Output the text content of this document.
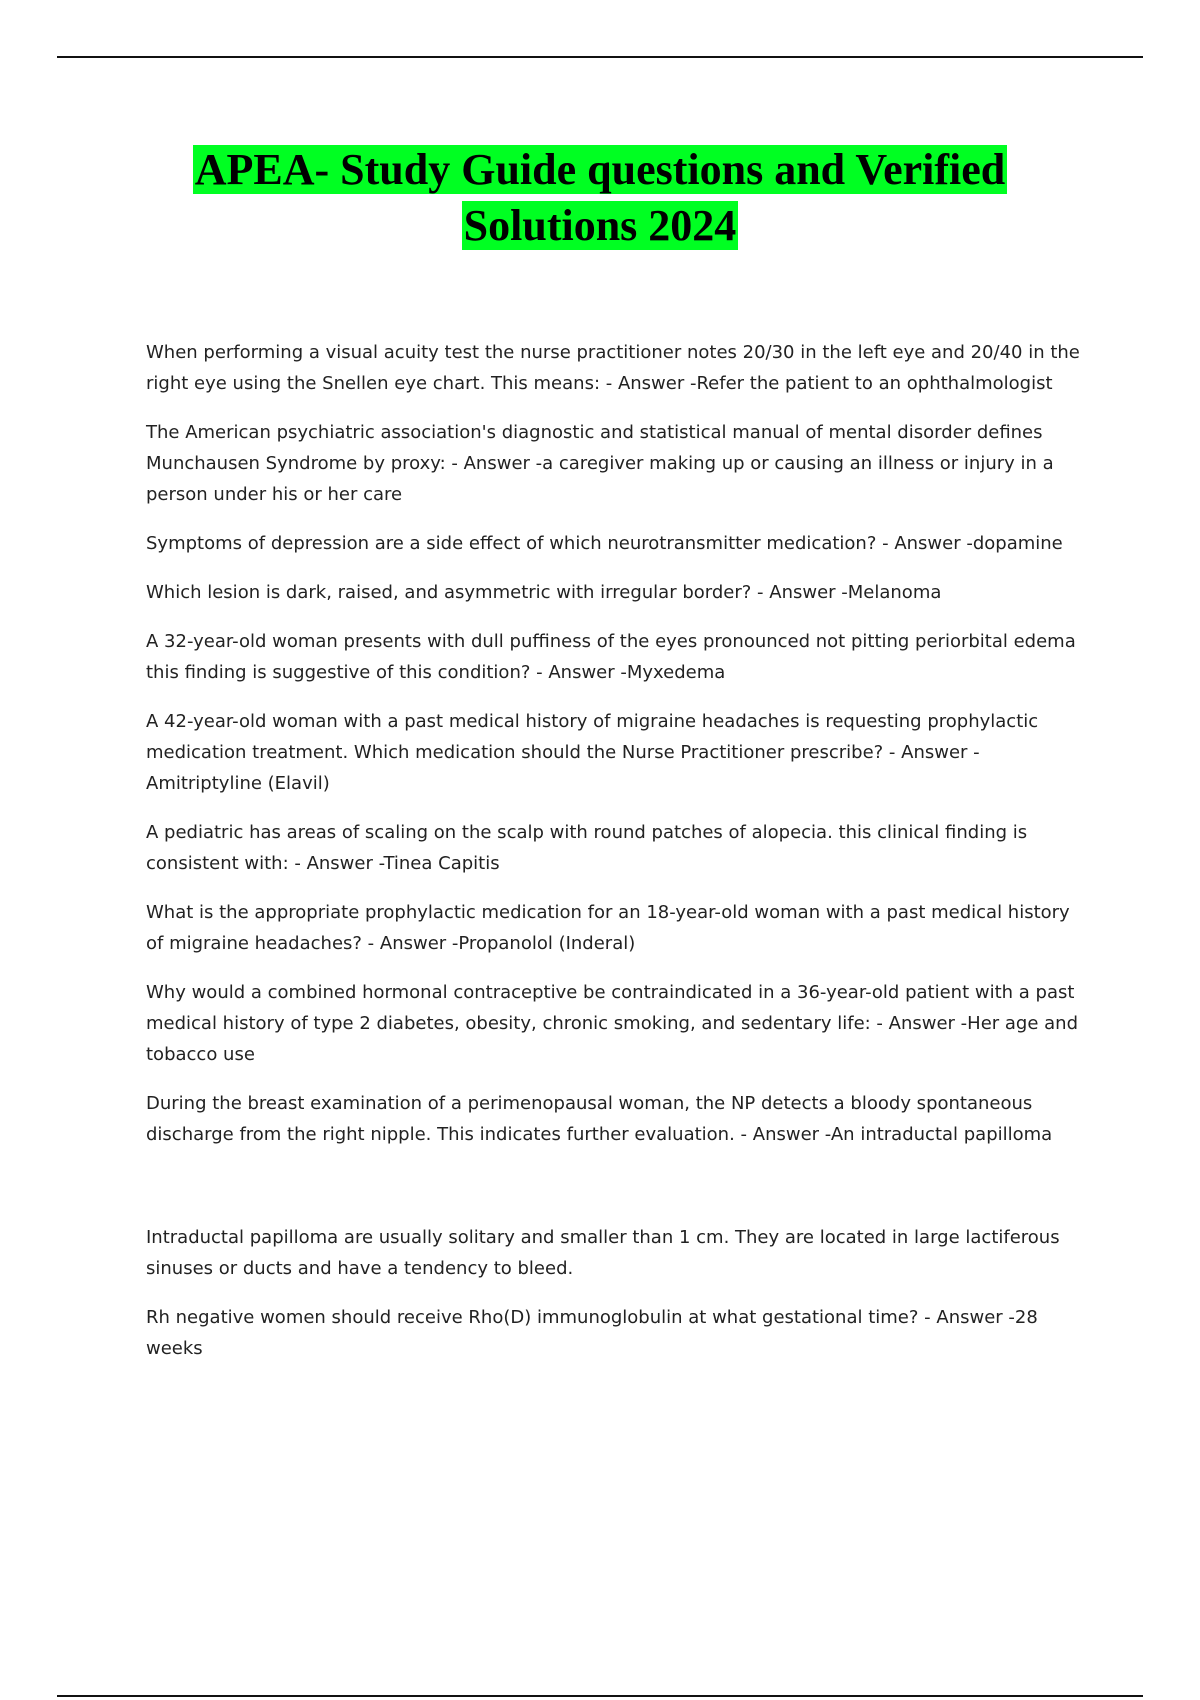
APEA- Study Guide questions and Verified
Solutions 2024

When performing a visual acuity test the nurse practitioner notes 20/30 in the left eye and 20/40 in the right eye using the Snellen eye chart. This means: - Answer -Refer the patient to an ophthalmologist

The American psychiatric association's diagnostic and statistical manual of mental disorder defines Munchausen Syndrome by proxy: - Answer -a caregiver making up or causing an illness or injury in a person under his or her care

Symptoms of depression are a side effect of which neurotransmitter medication? - Answer -dopamine

Which lesion is dark, raised, and asymmetric with irregular border? - Answer -Melanoma

A 32-year-old woman presents with dull puffiness of the eyes pronounced not pitting periorbital edema this finding is suggestive of this condition? - Answer -Myxedema

A 42-year-old woman with a past medical history of migraine headaches is requesting prophylactic medication treatment. Which medication should the Nurse Practitioner prescribe? - Answer - Amitriptyline (Elavil)

A pediatric has areas of scaling on the scalp with round patches of alopecia. this clinical finding is consistent with: - Answer -Tinea Capitis

What is the appropriate prophylactic medication for an 18-year-old woman with a past medical history of migraine headaches? - Answer -Propanolol (Inderal)

Why would a combined hormonal contraceptive be contraindicated in a 36-year-old patient with a past medical history of type 2 diabetes, obesity, chronic smoking, and sedentary life: - Answer -Her age and tobacco use

During the breast examination of a perimenopausal woman, the NP detects a bloody spontaneous discharge from the right nipple. This indicates further evaluation. - Answer -An intraductal papilloma

Intraductal papilloma are usually solitary and smaller than 1 cm. They are located in large lactiferous sinuses or ducts and have a tendency to bleed.

Rh negative women should receive Rho(D) immunoglobulin at what gestational time? - Answer -28 weeks
